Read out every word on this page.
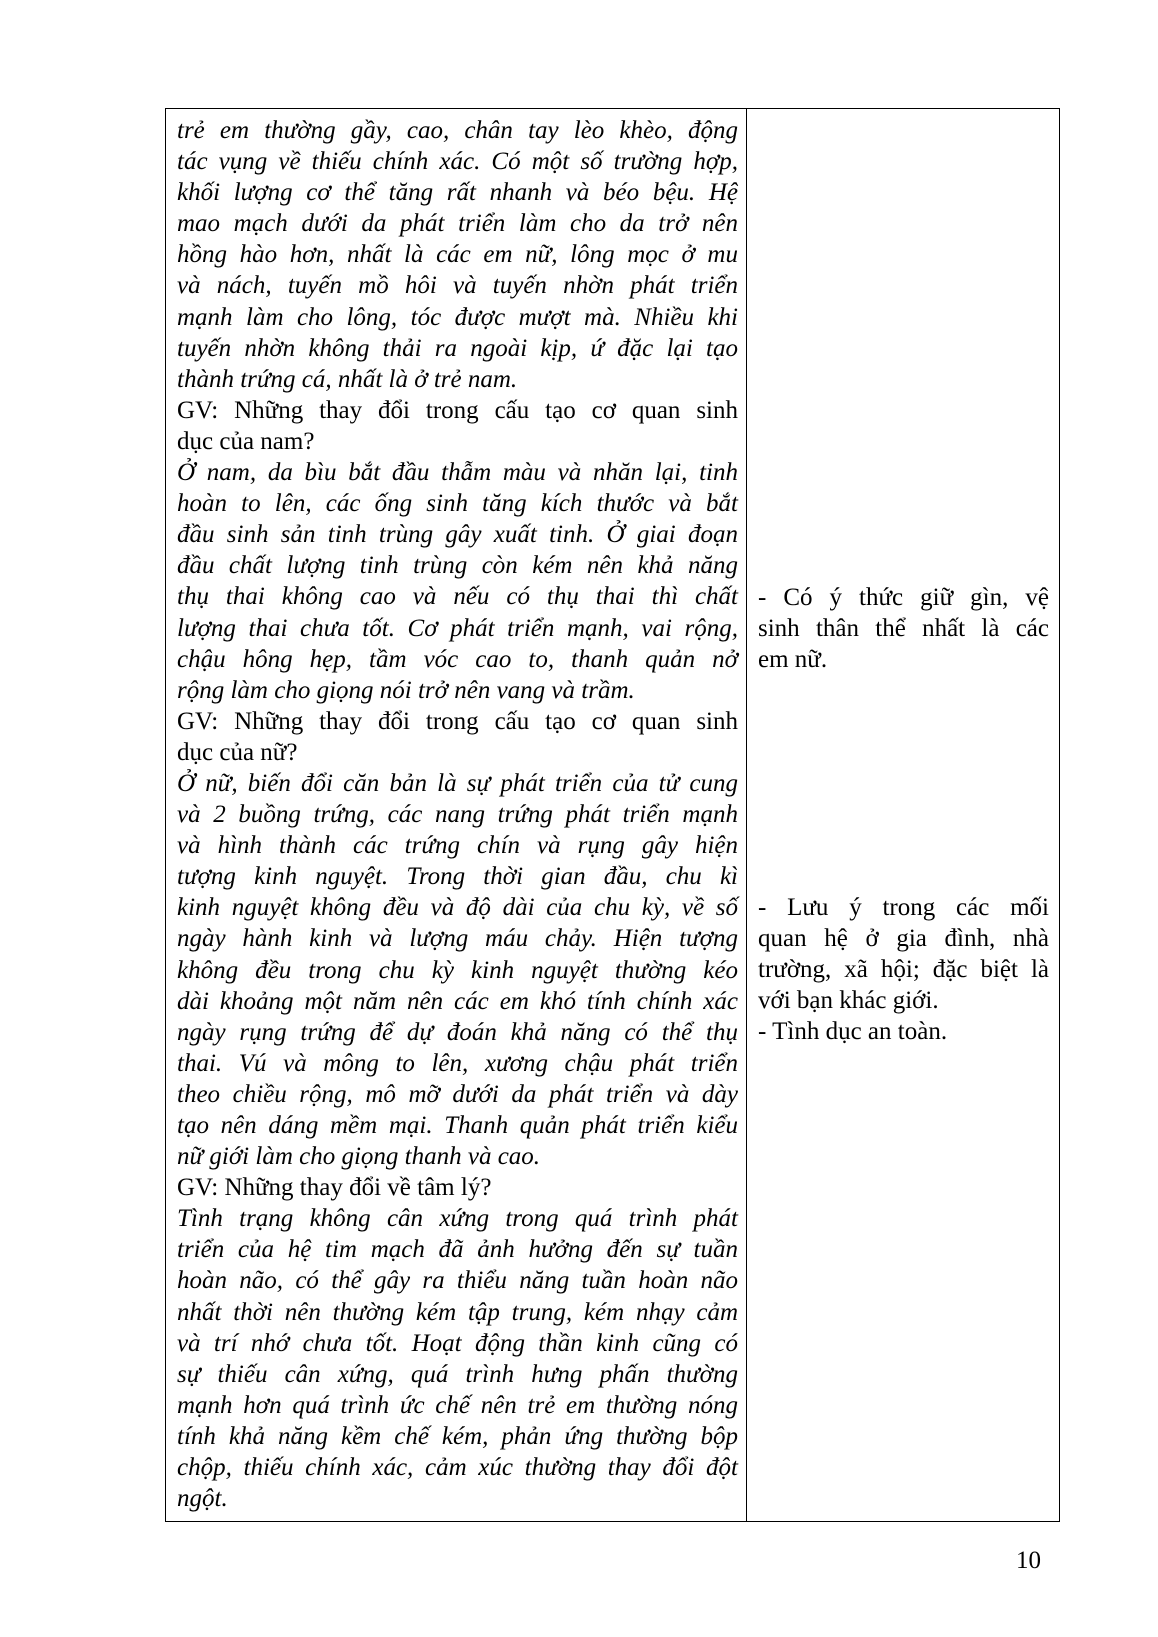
trẻ em thường gầy, cao, chân tay lèo khèo, động

tác vụng về thiếu chính xác. Có một số trường hợp,

khối lượng cơ thể tăng rất nhanh và béo bệu. Hệ

mao mạch dưới da phát triển làm cho da trở nên

hồng hào hơn, nhất là các em nữ, lông mọc ở mu

và nách, tuyến mồ hôi và tuyến nhờn phát triển

mạnh làm cho lông, tóc được mượt mà. Nhiều khi

tuyến nhờn không thải ra ngoài kịp, ứ đặc lại tạo

thành trứng cá, nhất là ở trẻ nam.

GV: Những thay đổi trong cấu tạo cơ quan sinh

dục của nam?

Ở nam, da bìu bắt đầu thẫm màu và nhăn lại, tinh

hoàn to lên, các ống sinh tăng kích thước và bắt

đầu sinh sản tinh trùng gây xuất tinh. Ở giai đoạn

đầu chất lượng tinh trùng còn kém nên khả năng

thụ thai không cao và nếu có thụ thai thì chất

lượng thai chưa tốt. Cơ phát triển mạnh, vai rộng,

chậu hông hẹp, tầm vóc cao to, thanh quản nở

rộng làm cho giọng nói trở nên vang và trầm.

GV: Những thay đổi trong cấu tạo cơ quan sinh

dục của nữ?

Ở nữ, biến đổi căn bản là sự phát triển của tử cung

và 2 buồng trứng, các nang trứng phát triển mạnh

và hình thành các trứng chín và rụng gây hiện

tượng kinh nguyệt. Trong thời gian đầu, chu kì

kinh nguyệt không đều và độ dài của chu kỳ, về số

ngày hành kinh và lượng máu chảy. Hiện tượng

không đều trong chu kỳ kinh nguyệt thường kéo

dài khoảng một năm nên các em khó tính chính xác

ngày rụng trứng để dự đoán khả năng có thể thụ

thai. Vú và mông to lên, xương chậu phát triển

theo chiều rộng, mô mỡ dưới da phát triển và dày

tạo nên dáng mềm mại. Thanh quản phát triển kiểu

nữ giới làm cho giọng thanh và cao.

GV: Những thay đổi về tâm lý?

Tình trạng không cân xứng trong quá trình phát

triển của hệ tim mạch đã ảnh hưởng đến sự tuần

hoàn não, có thể gây ra thiểu năng tuần hoàn não

nhất thời nên thường kém tập trung, kém nhạy cảm

và trí nhớ chưa tốt. Hoạt động thần kinh cũng có

sự thiếu cân xứng, quá trình hưng phấn thường

mạnh hơn quá trình ức chế nên trẻ em thường nóng

tính khả năng kềm chế kém, phản ứng thường bộp

chộp, thiếu chính xác, cảm xúc thường thay đổi đột

ngột.

- Có ý thức giữ gìn, vệ

sinh thân thể nhất là các

em nữ.

- Lưu ý trong các mối

quan hệ ở gia đình, nhà

trường, xã hội; đặc biệt là

với bạn khác giới.

- Tình dục an toàn.

10
